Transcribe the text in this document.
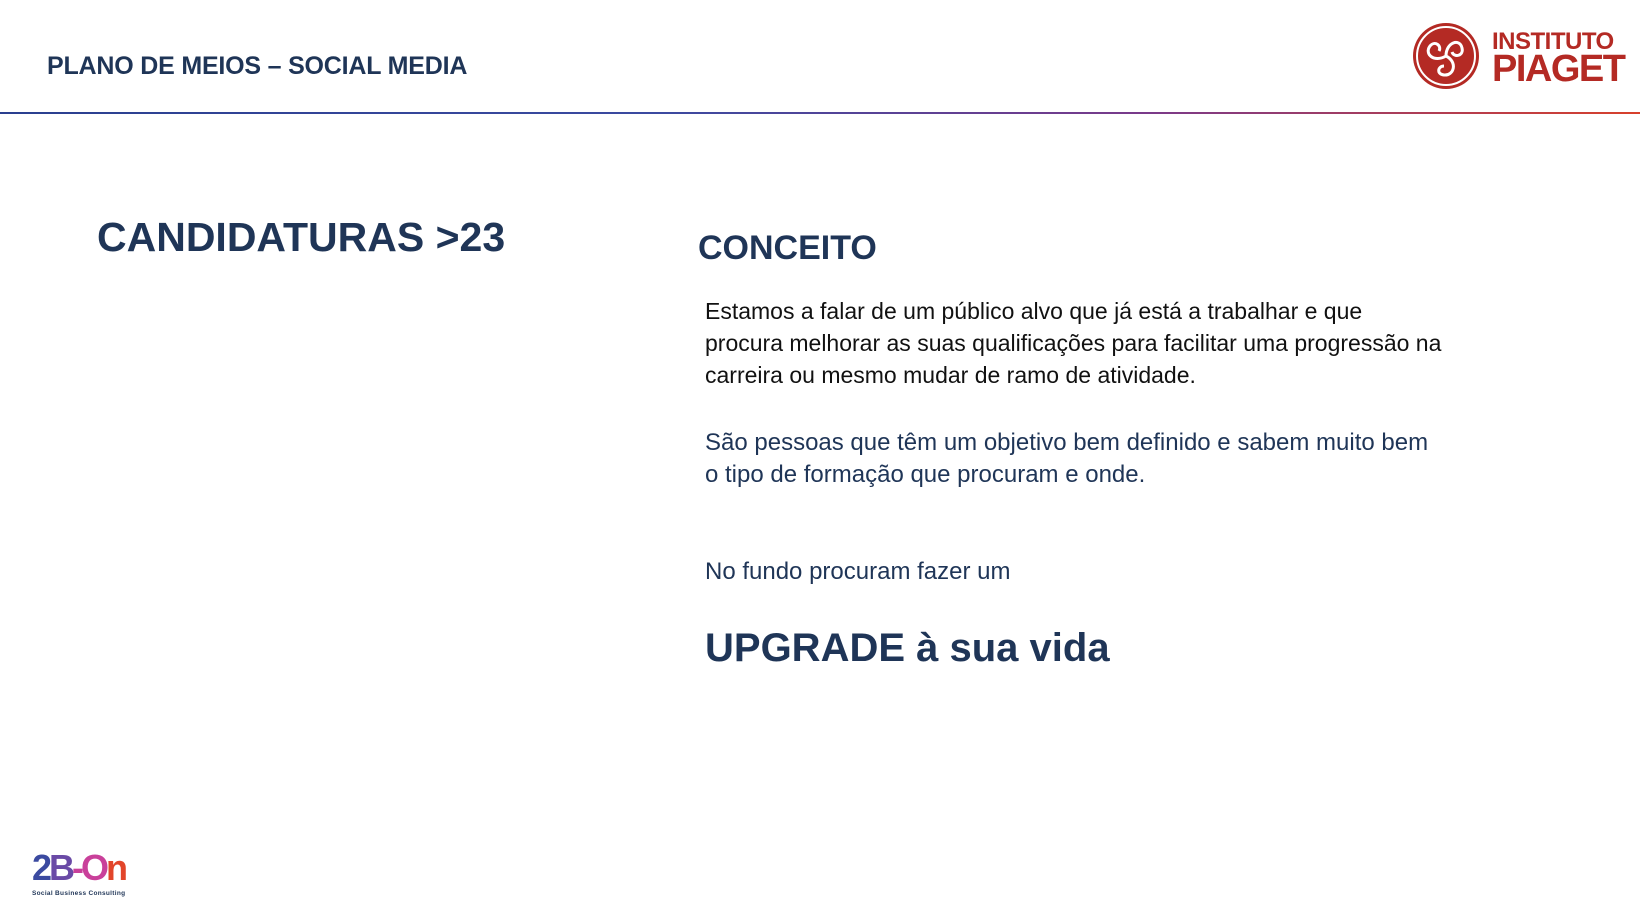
PLANO DE MEIOS – SOCIAL MEDIA
INSTITUTO
PIAGET
CANDIDATURAS >23	CONCEITO
Estamos a falar de um público alvo que já está a trabalhar e que procura melhorar as suas qualificações para facilitar uma progressão na carreira ou mesmo mudar de ramo de atividade.
São pessoas que têm um objetivo bem definido e sabem muito bem o tipo de formação que procuram e onde.
No fundo procuram fazer um
UPGRADE à sua vida
2B-On
Social Business Consulting
